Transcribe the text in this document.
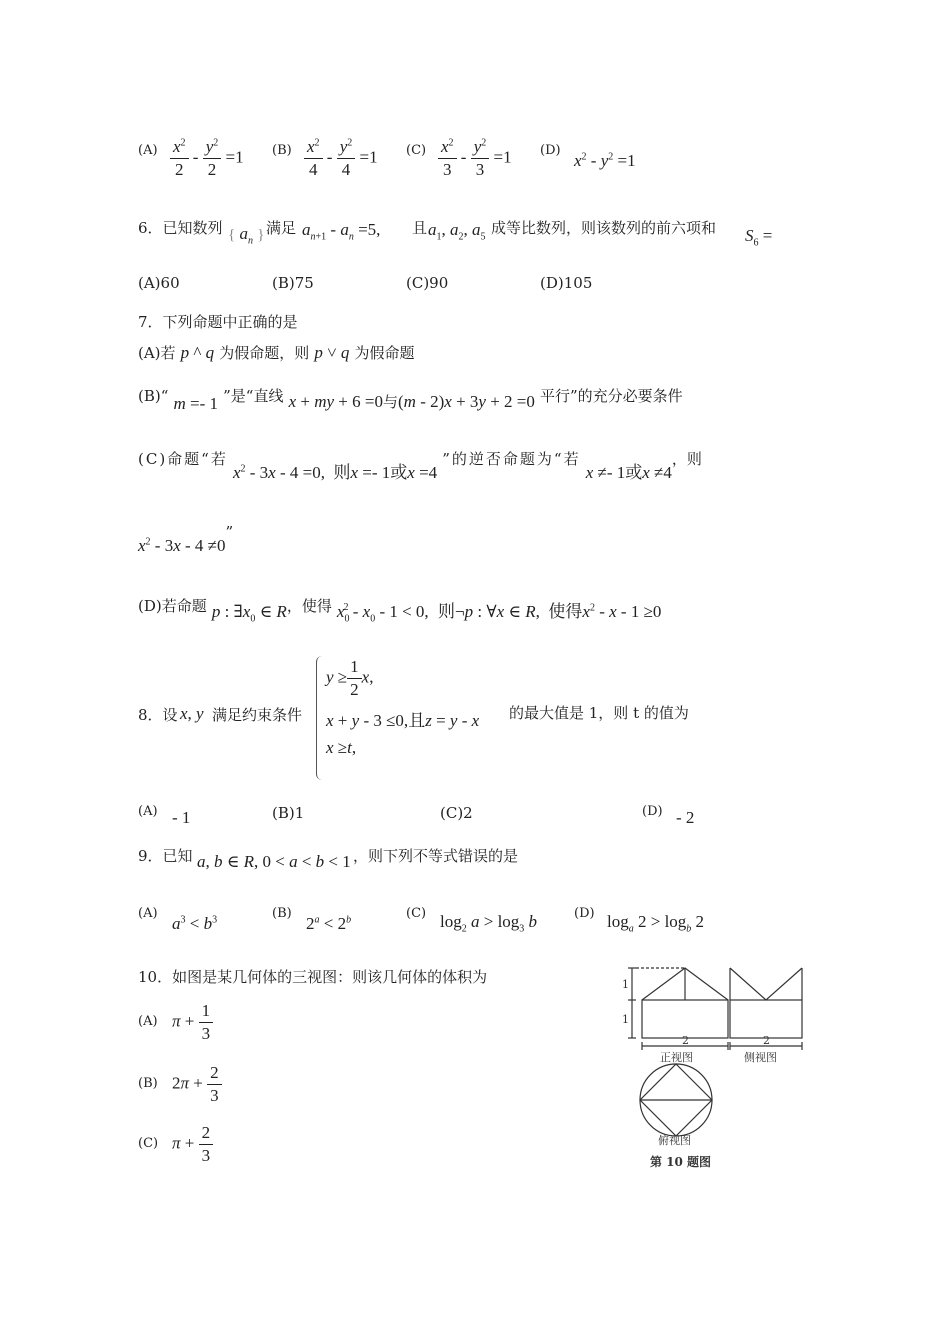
$(A) \frac{x^2}{2} - \frac{y^2}{2} =1$ $(B) \frac{x^2}{4} - \frac{y^2}{4} =1$ $(C) \frac{x^2}{3} - \frac{y^2}{3} =1$ (D)
$x^2 - y^2 =1$
6．已知数列 { $a_n$ } 满足 $a_{n+1} - a_n =5$, 且 $a_1$, $a_2$, $a_5$ 成等比数列，则该数列的前六项和 $S_6$ =
(A)60	(B)75	(C)90	(D)105
7．下列命题中正确的是
(A)若 p ^ q 为假命题，则 p ˅ q 为假命题
(B)“ m =- 1 ”是“直线 x + my + 6 =0与(m - 2)x + 3y + 2 =0 平行”的充分必要条件
(C)命题“若 $x^2 - 3x - 4 =0$,  则x =- 1或x =4 ”的逆否命题为“若 x ≠- 1或x ≠4，则
$x^2 - 3x - 4 \ne 0$”
(D)若命题 p : $\exists x_0$ ∈ R，使得 $x_0^2 - x_0 - 1 < 0$,  则¬p : ∀x ∈ R,  使得$x^2 - x - 1 \ge 0$
8．设 x, y 满足约束条件
$y \ge \frac{1}{2} x$,
x + y - 3 ≤0,且z = y - x
x ≥t,
的最大值是 1，则 t 的值为
(A) - 1	(B)1	(C)2	(D) - 2
9．已知 a, b ∈ R, 0 < a < b < 1 ，则下列不等式错误的是
(A)
$a^3 < b^3$	(B)
$2^a < 2^b$	(C) $\log_2 a > \log_3 b$	(D) $\log_a 2 > \log_b 2$
10．如图是某几何体的三视图：则该几何体的体积为
(A) $\pi + \frac{1}{3}$
(B) $2\pi + \frac{2}{3}$
(C) $\pi + \frac{2}{3}$
1
1
2	2
正视图	侧视图
俯视图
第 10 题图
